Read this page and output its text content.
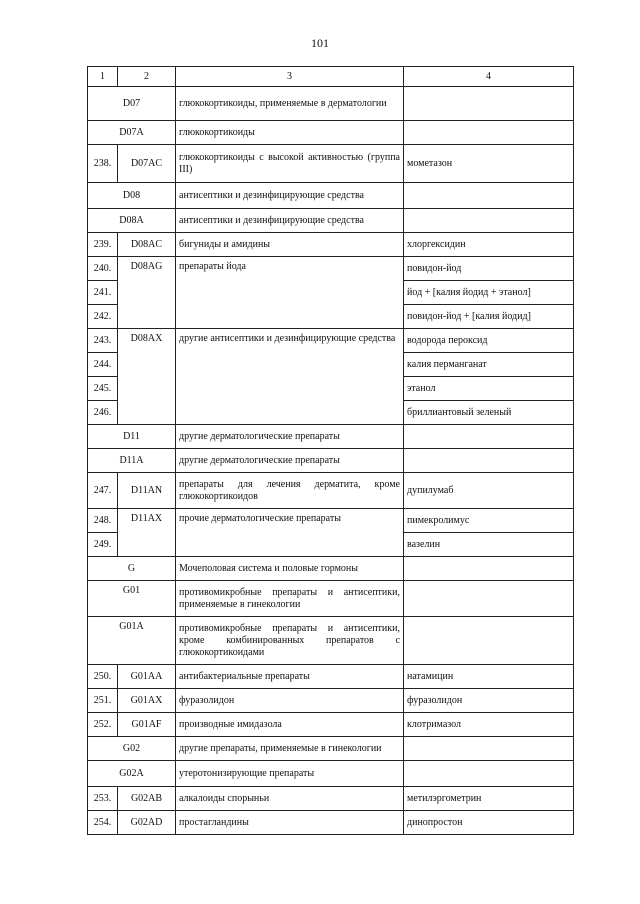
101
1	2	3	4
D07		глюкокортикоиды, применяемые в дерматологии	
D07A		глюкокортикоиды	
238.	D07AC	глюкокортикоиды с высокой активностью (группа III)	мометазон
D08		антисептики и дезинфицирующие средства	
D08A		антисептики и дезинфицирующие средства	
239.	D08AC	бигуниды и амидины	хлоргексидин
240.	D08AG	препараты йода	повидон-йод
241.			йод + [калия йодид + этанол]
242.			повидон-йод + [калия йодид]
243.	D08AX	другие антисептики и дезинфицирующие средства	водорода пероксид
244.			калия перманганат
245.			этанол
246.			бриллиантовый зеленый
D11		другие дерматологические препараты	
D11A		другие дерматологические препараты	
247.	D11AN	препараты для лечения дерматита, кроме глюкокортикоидов	дупилумаб
248.	D11AX	прочие дерматологические препараты	пимекролимус
249.			вазелин
G		Мочеполовая система и половые гормоны	
G01		противомикробные препараты и антисептики, применяемые в гинекологии	
G01A		противомикробные препараты и антисептики, кроме комбинированных препаратов с глюкокортикоидами	
250.	G01AA	антибактериальные препараты	натамицин
251.	G01AX	фуразолидон	фуразолидон
252.	G01AF	производные имидазола	клотримазол
G02		другие препараты, применяемые в гинекологии	
G02A		утеротонизирующие препараты	
253.	G02AB	алкалоиды спорыньи	метилэргометрин
254.	G02AD	простагландины	динопростон
